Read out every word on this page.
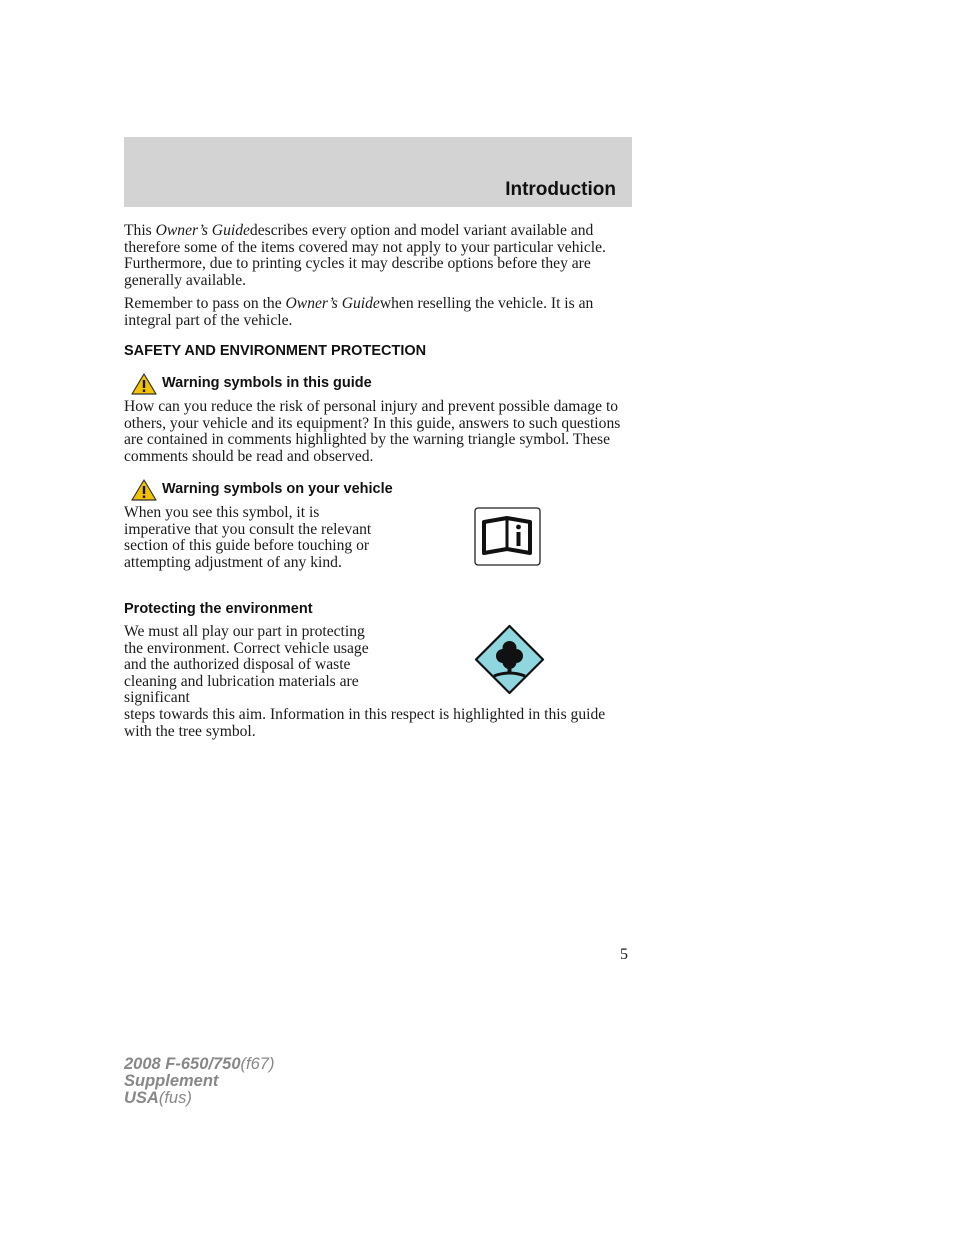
Introduction

This Owner’s Guidedescribes every option and model variant available and therefore some of the items covered may not apply to your particular vehicle. Furthermore, due to printing cycles it may describe options before they are generally available.

Remember to pass on the Owner’s Guidewhen reselling the vehicle. It is an integral part of the vehicle.

SAFETY AND ENVIRONMENT PROTECTION
Warning symbols in this guide

How can you reduce the risk of personal injury and prevent possible damage to others, your vehicle and its equipment? In this guide, answers to such questions are contained in comments highlighted by the warning triangle symbol. These comments should be read and observed.

Warning symbols on your vehicle

When you see this symbol, it is imperative that you consult the relevant section of this guide before touching or attempting adjustment of any kind.

Protecting the environment

We must all play our part in protecting the environment. Correct vehicle usage and the authorized disposal of waste cleaning and lubrication materials are significant

steps towards this aim. Information in this respect is highlighted in this guide with the tree symbol.

5
2008 F-650/750(f67)
Supplement
USA(fus)
